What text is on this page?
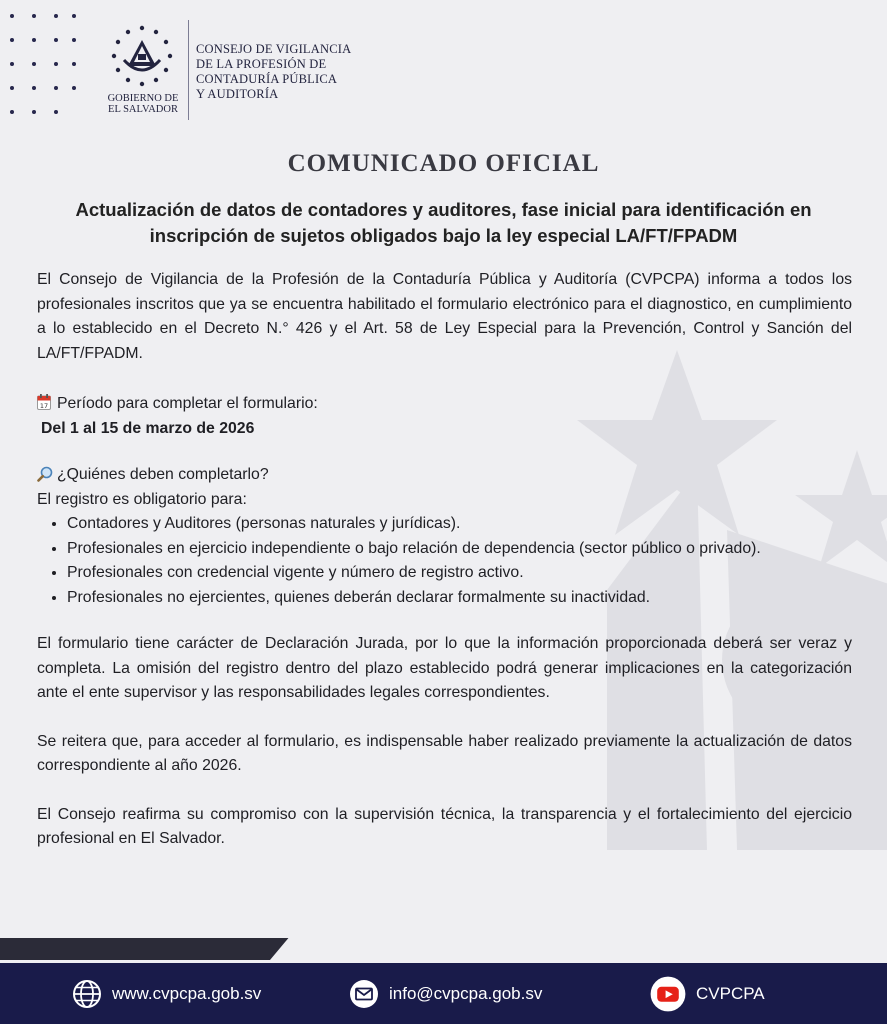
GOBIERNO DE EL SALVADOR
CONSEJO DE VIGILANCIA
DE LA PROFESIÓN DE
CONTADURÍA PÚBLICA
Y AUDITORÍA
COMUNICADO OFICIAL
Actualización de datos de contadores y auditores, fase inicial para identificación en inscripción de sujetos obligados bajo la ley especial LA/FT/FPADM

El Consejo de Vigilancia de la Profesión de la Contaduría Pública y Auditoría (CVPCPA) informa a todos los profesionales inscritos que ya se encuentra habilitado el formulario electrónico para el diagnostico, en cumplimiento a lo establecido en el Decreto N.° 426 y el Art. 58 de Ley Especial para la Prevención, Control y Sanción del LA/FT/FPADM.

17 Período para completar el formulario:

Del 1 al 15 de marzo de 2026

¿Quiénes deben completarlo?

El registro es obligatorio para:

• Contadores y Auditores (personas naturales y jurídicas).
• Profesionales en ejercicio independiente o bajo relación de dependencia (sector público o privado).
• Profesionales con credencial vigente y número de registro activo.
• Profesionales no ejercientes, quienes deberán declarar formalmente su inactividad.

El formulario tiene carácter de Declaración Jurada, por lo que la información proporcionada deberá ser veraz y completa. La omisión del registro dentro del plazo establecido podrá generar implicaciones en la categorización ante el ente supervisor y las responsabilidades legales correspondientes.

Se reitera que, para acceder al formulario, es indispensable haber realizado previamente la actualización de datos correspondiente al año 2026.

El Consejo reafirma su compromiso con la supervisión técnica, la transparencia y el fortalecimiento del ejercicio profesional en El Salvador.

www.cvpcpa.gob.sv	info@cvpcpa.gob.sv	CVPCPA
